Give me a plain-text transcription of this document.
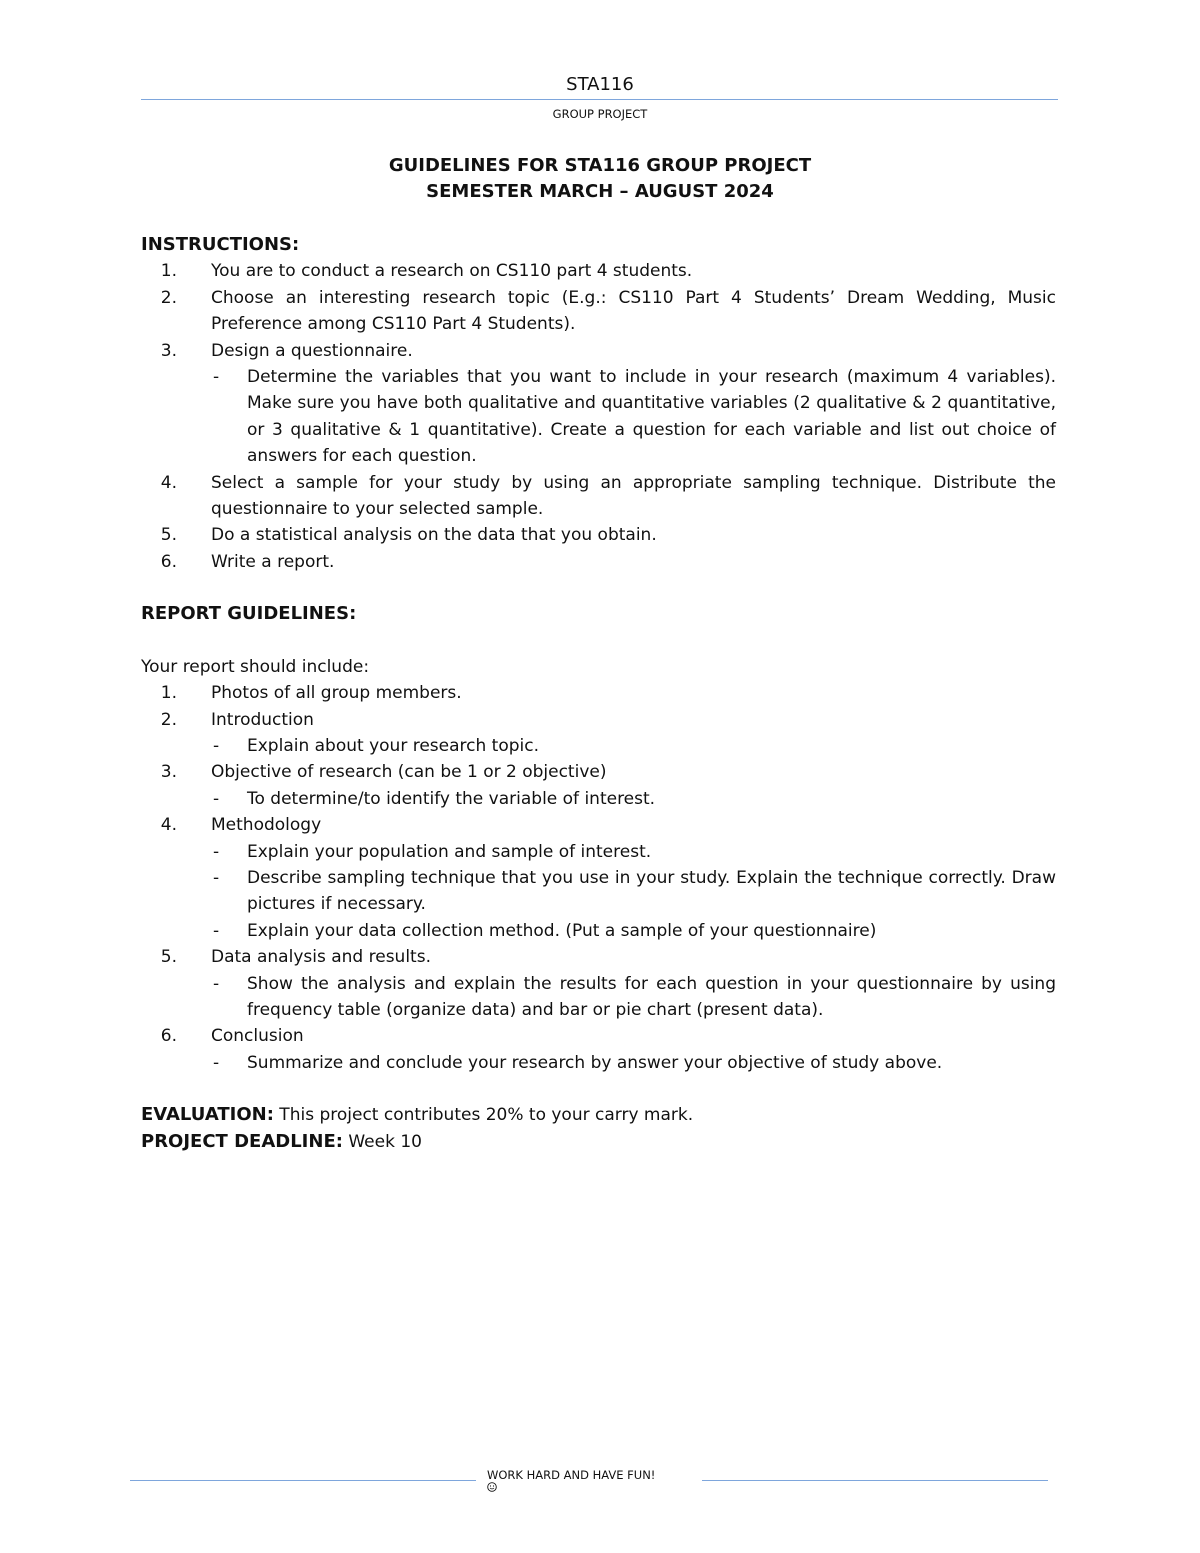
STA116
GROUP PROJECT
GUIDELINES FOR STA116 GROUP PROJECT
SEMESTER MARCH – AUGUST 2024
INSTRUCTIONS:
1.	You are to conduct a research on CS110 part 4 students.
2.	Choose an interesting research topic (E.g.: CS110 Part 4 Students’ Dream Wedding, Music Preference among CS110 Part 4 Students).
3.	Design a questionnaire.
-	Determine the variables that you want to include in your research (maximum 4 variables). Make sure you have both qualitative and quantitative variables (2 qualitative & 2 quantitative, or 3 qualitative & 1 quantitative). Create a question for each variable and list out choice of answers for each question.
4.	Select a sample for your study by using an appropriate sampling technique. Distribute the questionnaire to your selected sample.
5.	Do a statistical analysis on the data that you obtain.
6.	Write a report.
REPORT GUIDELINES:
Your report should include:
1.	Photos of all group members.
2.	Introduction
-	Explain about your research topic.
3.	Objective of research (can be 1 or 2 objective)
-	To determine/to identify the variable of interest.
4.	Methodology
-	Explain your population and sample of interest.
-	Describe sampling technique that you use in your study. Explain the technique correctly. Draw pictures if necessary.
-	Explain your data collection method. (Put a sample of your questionnaire)
5.	Data analysis and results.
-	Show the analysis and explain the results for each question in your questionnaire by using frequency table (organize data) and bar or pie chart (present data).
6.	Conclusion
-	Summarize and conclude your research by answer your objective of study above.
EVALUATION: This project contributes 20% to your carry mark.
PROJECT DEADLINE: Week 10
WORK HARD AND HAVE FUN!
